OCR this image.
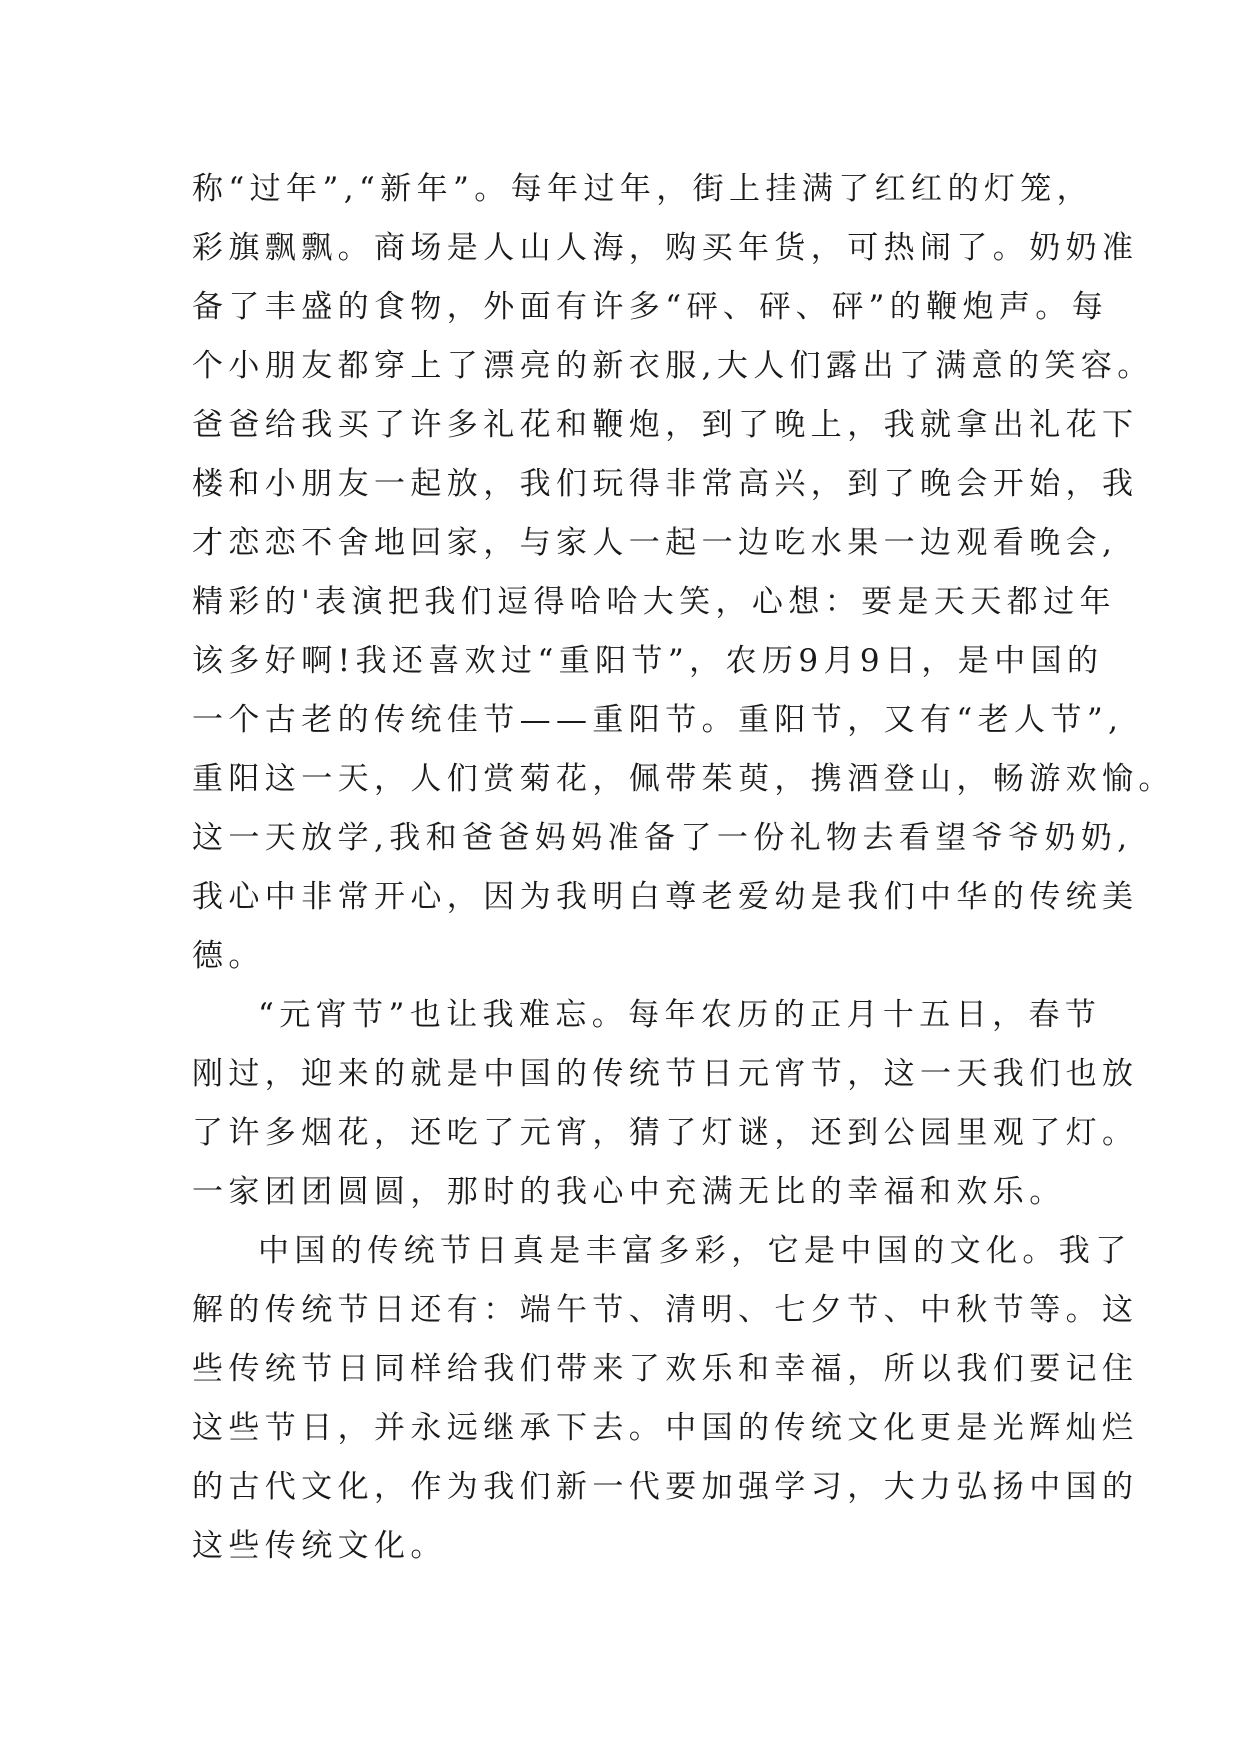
称“过年”,“新年”。每年过年，街上挂满了红红的灯笼，
彩旗飘飘。商场是人山人海，购买年货，可热闹了。奶奶准
备了丰盛的食物，外面有许多“砰、砰、砰”的鞭炮声。每
个小朋友都穿上了漂亮的新衣服,大人们露出了满意的笑容。
爸爸给我买了许多礼花和鞭炮，到了晚上，我就拿出礼花下
楼和小朋友一起放，我们玩得非常高兴，到了晚会开始，我
才恋恋不舍地回家，与家人一起一边吃水果一边观看晚会,
精彩的'表演把我们逗得哈哈大笑，心想：要是天天都过年
该多好啊!我还喜欢过“重阳节”，农历9月9日，是中国的
一个古老的传统佳节——重阳节。重阳节，又有“老人节”,
重阳这一天，人们赏菊花，佩带茱萸，携酒登山，畅游欢愉。
这一天放学,我和爸爸妈妈准备了一份礼物去看望爷爷奶奶,
我心中非常开心，因为我明白尊老爱幼是我们中华的传统美
德。
“元宵节”也让我难忘。每年农历的正月十五日，春节
刚过，迎来的就是中国的传统节日元宵节，这一天我们也放
了许多烟花，还吃了元宵，猜了灯谜，还到公园里观了灯。
一家团团圆圆，那时的我心中充满无比的幸福和欢乐。
中国的传统节日真是丰富多彩，它是中国的文化。我了
解的传统节日还有：端午节、清明、七夕节、中秋节等。这
些传统节日同样给我们带来了欢乐和幸福，所以我们要记住
这些节日，并永远继承下去。中国的传统文化更是光辉灿烂
的古代文化，作为我们新一代要加强学习，大力弘扬中国的
这些传统文化。
